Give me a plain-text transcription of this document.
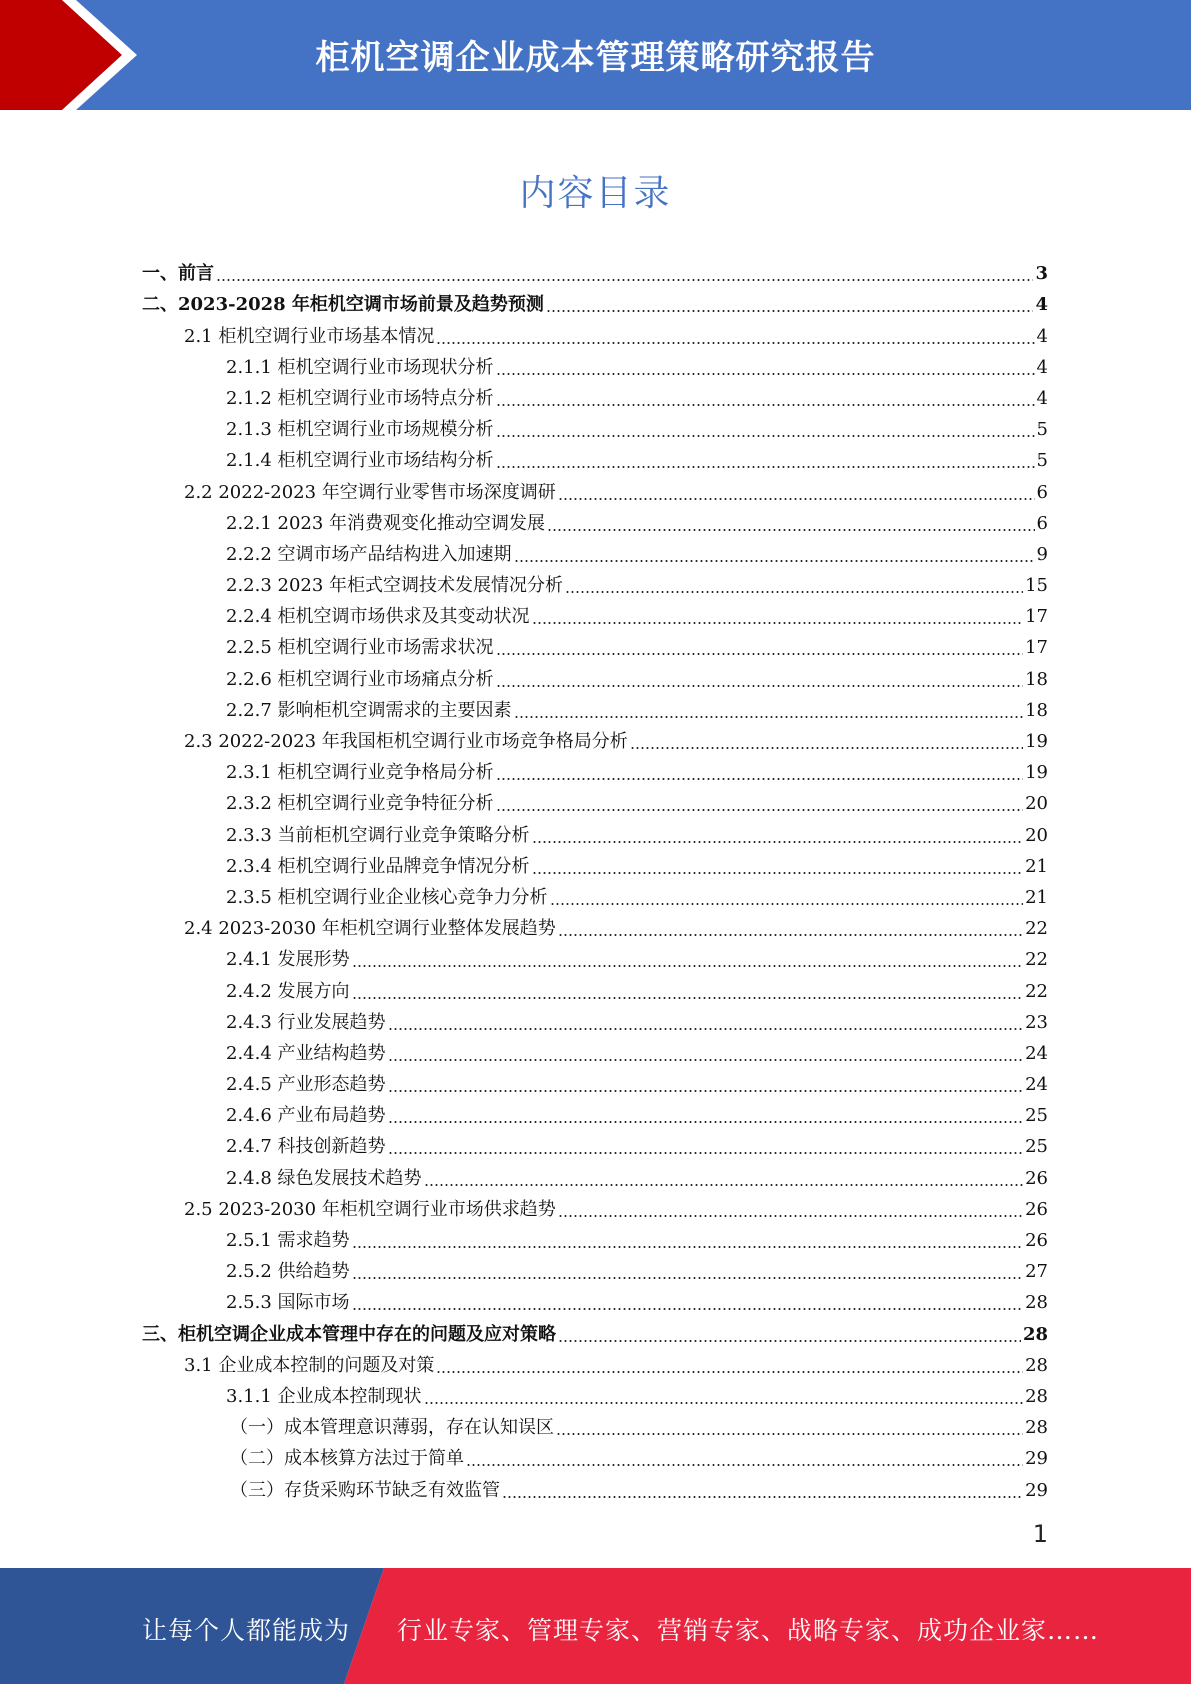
柜机空调企业成本管理策略研究报告
内容目录
一、前言	3
二、2023-2028 年柜机空调市场前景及趋势预测	4
2.1 柜机空调行业市场基本情况	4
2.1.1 柜机空调行业市场现状分析	4
2.1.2 柜机空调行业市场特点分析	4
2.1.3 柜机空调行业市场规模分析	5
2.1.4 柜机空调行业市场结构分析	5
2.2 2022-2023 年空调行业零售市场深度调研	6
2.2.1 2023 年消费观变化推动空调发展	6
2.2.2 空调市场产品结构进入加速期	9
2.2.3 2023 年柜式空调技术发展情况分析	15
2.2.4 柜机空调市场供求及其变动状况	17
2.2.5 柜机空调行业市场需求状况	17
2.2.6 柜机空调行业市场痛点分析	18
2.2.7 影响柜机空调需求的主要因素	18
2.3 2022-2023 年我国柜机空调行业市场竞争格局分析	19
2.3.1 柜机空调行业竞争格局分析	19
2.3.2 柜机空调行业竞争特征分析	20
2.3.3 当前柜机空调行业竞争策略分析	20
2.3.4 柜机空调行业品牌竞争情况分析	21
2.3.5 柜机空调行业企业核心竞争力分析	21
2.4 2023-2030 年柜机空调行业整体发展趋势	22
2.4.1 发展形势	22
2.4.2 发展方向	22
2.4.3 行业发展趋势	23
2.4.4 产业结构趋势	24
2.4.5 产业形态趋势	24
2.4.6 产业布局趋势	25
2.4.7 科技创新趋势	25
2.4.8 绿色发展技术趋势	26
2.5 2023-2030 年柜机空调行业市场供求趋势	26
2.5.1 需求趋势	26
2.5.2 供给趋势	27
2.5.3 国际市场	28
三、柜机空调企业成本管理中存在的问题及应对策略	28
3.1 企业成本控制的问题及对策	28
3.1.1 企业成本控制现状	28
（一）成本管理意识薄弱，存在认知误区	28
（二）成本核算方法过于简单	29
（三）存货采购环节缺乏有效监管	29
1
让每个人都能成为 行业专家、管理专家、营销专家、战略专家、成功企业家……
